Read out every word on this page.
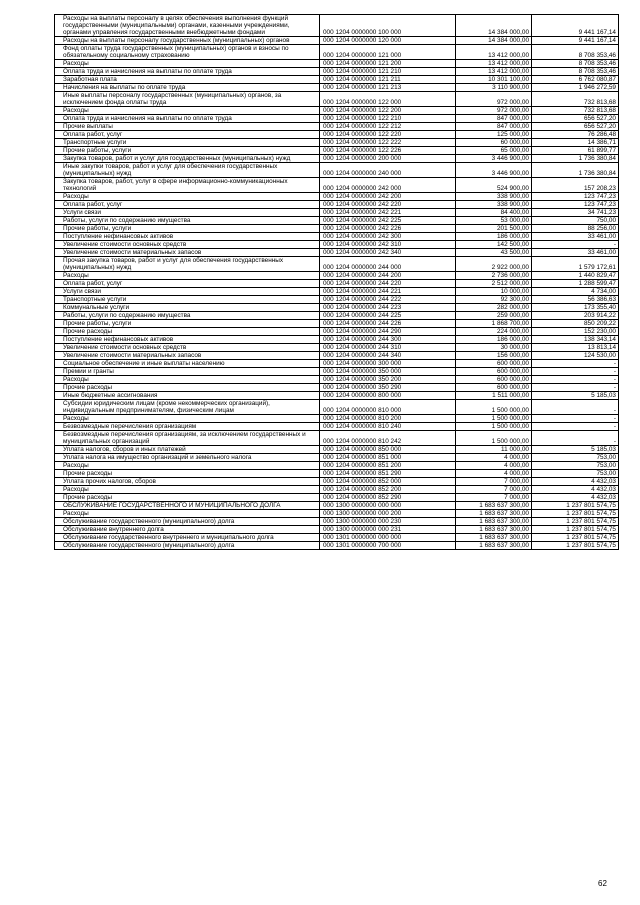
Расходы на выплаты персоналу в целях обеспечения выполнения функций государственными (муниципальными) органами, казенными учреждениями, органами управления государственными внебюджетными фондами	000 1204 0000000 100 000	14 384 000,00	9 441 167,14
Расходы на выплаты персоналу государственных (муниципальных) органов	000 1204 0000000 120 000	14 384 000,00	9 441 167,14
Фонд оплаты труда государственных (муниципальных) органов и взносы по обязательному социальному страхованию	000 1204 0000000 121 000	13 412 000,00	8 708 353,46
Расходы	000 1204 0000000 121 200	13 412 000,00	8 708 353,46
Оплата труда и начисления на выплаты по оплате труда	000 1204 0000000 121 210	13 412 000,00	8 708 353,46
Заработная плата	000 1204 0000000 121 211	10 301 100,00	6 762 080,87
Начисления на выплаты по оплате труда	000 1204 0000000 121 213	3 110 900,00	1 946 272,59
Иные выплаты персоналу государственных (муниципальных) органов, за исключением фонда оплаты труда	000 1204 0000000 122 000	972 000,00	732 813,68
Расходы	000 1204 0000000 122 200	972 000,00	732 813,68
Оплата труда и начисления на выплаты по оплате труда	000 1204 0000000 122 210	847 000,00	656 527,20
Прочие выплаты	000 1204 0000000 122 212	847 000,00	656 527,20
Оплата работ, услуг	000 1204 0000000 122 220	125 000,00	76 286,48
Транспортные услуги	000 1204 0000000 122 222	60 000,00	14 386,71
Прочие работы, услуги	000 1204 0000000 122 226	65 000,00	61 899,77
Закупка товаров, работ и услуг для государственных (муниципальных) нужд	000 1204 0000000 200 000	3 446 900,00	1 736 380,84
Иные закупки товаров, работ и услуг для обеспечения государственных (муниципальных) нужд	000 1204 0000000 240 000	3 446 900,00	1 736 380,84
Закупка товаров, работ, услуг в сфере информационно-коммуникационных технологий	000 1204 0000000 242 000	524 900,00	157 208,23
Расходы	000 1204 0000000 242 200	338 900,00	123 747,23
Оплата работ, услуг	000 1204 0000000 242 220	338 900,00	123 747,23
Услуги связи	000 1204 0000000 242 221	84 400,00	34 741,23
Работы, услуги по содержанию имущества	000 1204 0000000 242 225	53 000,00	750,00
Прочие работы, услуги	000 1204 0000000 242 226	201 500,00	88 256,00
Поступление нефинансовых активов	000 1204 0000000 242 300	186 000,00	33 461,00
Увеличение стоимости основных средств	000 1204 0000000 242 310	142 500,00	-
Увеличение стоимости материальных запасов	000 1204 0000000 242 340	43 500,00	33 461,00
Прочая закупка товаров, работ и услуг для обеспечения государственных (муниципальных) нужд	000 1204 0000000 244 000	2 922 000,00	1 579 172,61
Расходы	000 1204 0000000 244 200	2 736 000,00	1 440 829,47
Оплата работ, услуг	000 1204 0000000 244 220	2 512 000,00	1 288 599,47
Услуги связи	000 1204 0000000 244 221	10 000,00	4 734,00
Транспортные услуги	000 1204 0000000 244 222	92 300,00	56 386,63
Коммунальные услуги	000 1204 0000000 244 223	282 000,00	173 355,40
Работы, услуги по содержанию имущества	000 1204 0000000 244 225	259 000,00	203 914,22
Прочие работы, услуги	000 1204 0000000 244 226	1 868 700,00	850 209,22
Прочие расходы	000 1204 0000000 244 290	224 000,00	152 230,00
Поступление нефинансовых активов	000 1204 0000000 244 300	186 000,00	138 343,14
Увеличение стоимости основных средств	000 1204 0000000 244 310	30 000,00	13 813,14
Увеличение стоимости материальных запасов	000 1204 0000000 244 340	156 000,00	124 530,00
Социальное обеспечение и иные выплаты населению	000 1204 0000000 300 000	600 000,00	-
Премии и гранты	000 1204 0000000 350 000	600 000,00	-
Расходы	000 1204 0000000 350 200	600 000,00	-
Прочие расходы	000 1204 0000000 350 290	600 000,00	-
Иные бюджетные ассигнования	000 1204 0000000 800 000	1 511 000,00	5 185,03
Субсидии юридическим лицам (кроме некоммерческих организаций), индивидуальным предпринимателям, физическим лицам	000 1204 0000000 810 000	1 500 000,00	-
Расходы	000 1204 0000000 810 200	1 500 000,00	-
Безвозмездные перечисления организациям	000 1204 0000000 810 240	1 500 000,00	-
Безвозмездные перечисления организациям, за исключением государственных и муниципальных организаций	000 1204 0000000 810 242	1 500 000,00	-
Уплата налогов, сборов и иных платежей	000 1204 0000000 850 000	11 000,00	5 185,03
Уплата налога на имущество организаций и земельного налога	000 1204 0000000 851 000	4 000,00	753,00
Расходы	000 1204 0000000 851 200	4 000,00	753,00
Прочие расходы	000 1204 0000000 851 290	4 000,00	753,00
Уплата прочих налогов, сборов	000 1204 0000000 852 000	7 000,00	4 432,03
Расходы	000 1204 0000000 852 200	7 000,00	4 432,03
Прочие расходы	000 1204 0000000 852 290	7 000,00	4 432,03
ОБСЛУЖИВАНИЕ ГОСУДАРСТВЕННОГО И МУНИЦИПАЛЬНОГО ДОЛГА	000 1300 0000000 000 000	1 683 637 300,00	1 237 801 574,75
Расходы	000 1300 0000000 000 200	1 683 637 300,00	1 237 801 574,75
Обслуживание государственного (муниципального) долга	000 1300 0000000 000 230	1 683 637 300,00	1 237 801 574,75
Обслуживание внутреннего долга	000 1300 0000000 000 231	1 683 637 300,00	1 237 801 574,75
Обслуживание государственного внутреннего и муниципального долга	000 1301 0000000 000 000	1 683 637 300,00	1 237 801 574,75
Обслуживание государственного (муниципального) долга	000 1301 0000000 700 000	1 683 637 300,00	1 237 801 574,75
62
